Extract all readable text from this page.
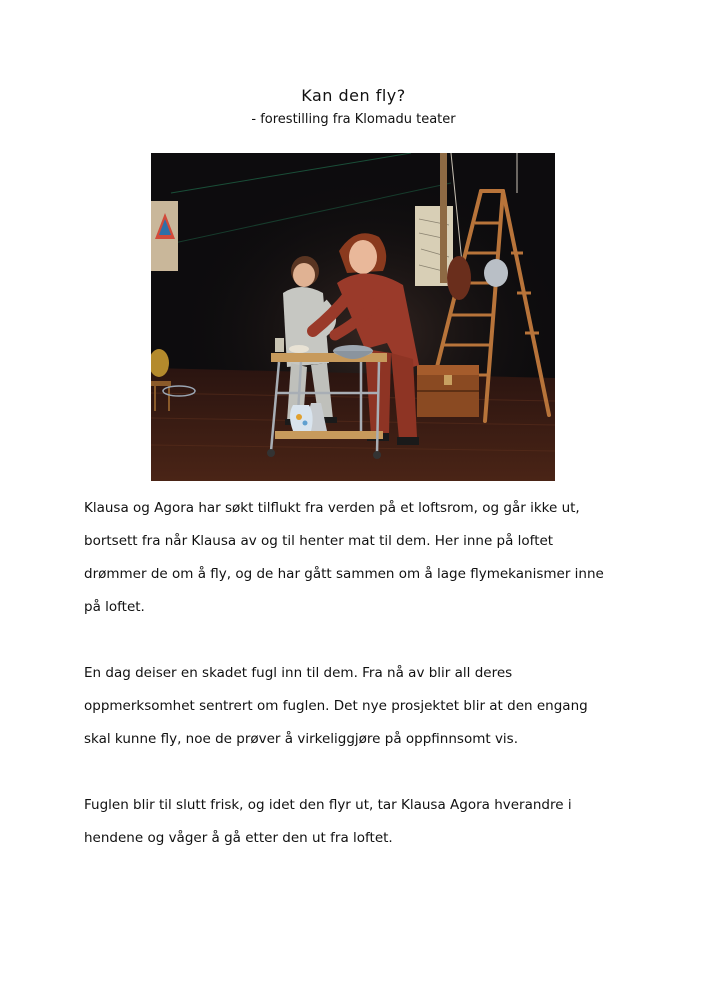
Kan den fly?
- forestilling fra Klomadu teater

Klausa og Agora har søkt tilflukt fra verden på et loftsrom, og går ikke ut,
bortsett fra når Klausa av og til henter mat til dem. Her inne på loftet
drømmer de om å fly, og de har gått sammen om å lage flymekanismer inne
på loftet.

En dag deiser en skadet fugl inn til dem. Fra nå av blir all deres
oppmerksomhet sentrert om fuglen. Det nye prosjektet blir at den engang
skal kunne fly, noe de prøver å virkeliggjøre på oppfinnsomt vis.

Fuglen blir til slutt frisk, og idet den flyr ut, tar Klausa Agora hverandre i
hendene og våger å gå etter den ut fra loftet.
